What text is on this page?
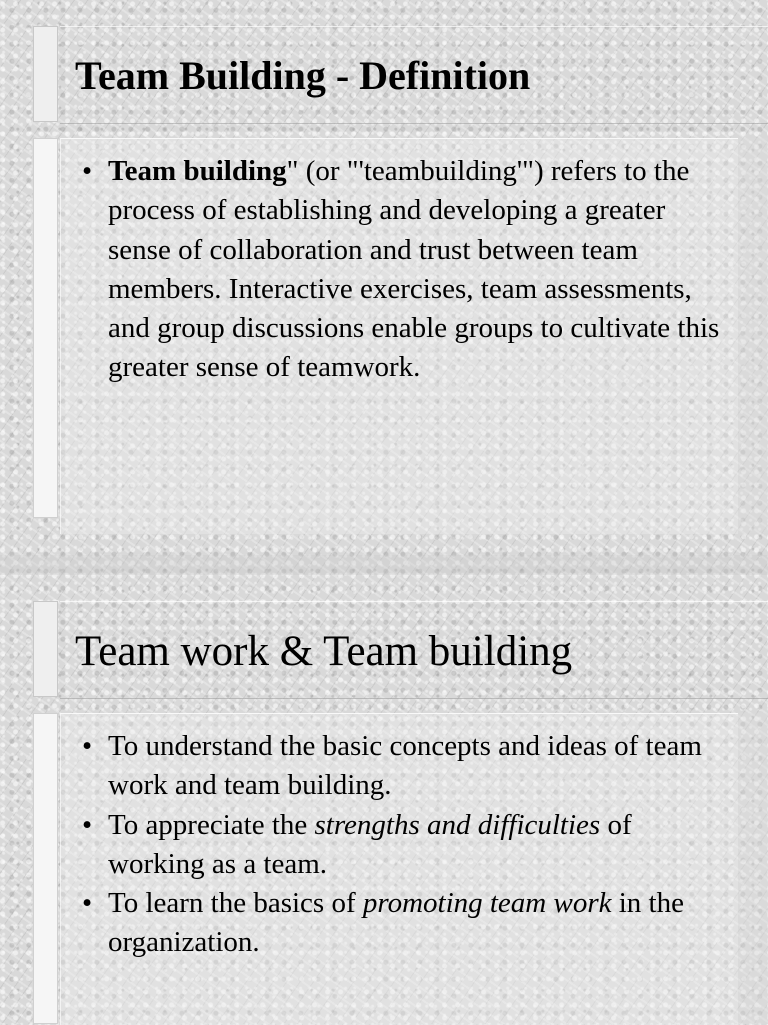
Team Building - Definition
• Team building" (or "'teambuilding'") refers to the process of establishing and developing a greater sense of collaboration and trust between team members. Interactive exercises, team assessments, and group discussions enable groups to cultivate this greater sense of teamwork.
Team work & Team building
• To understand the basic concepts and ideas of team work and team building.
• To appreciate the strengths and difficulties of working as a team.
• To learn the basics of promoting team work in the organization.
